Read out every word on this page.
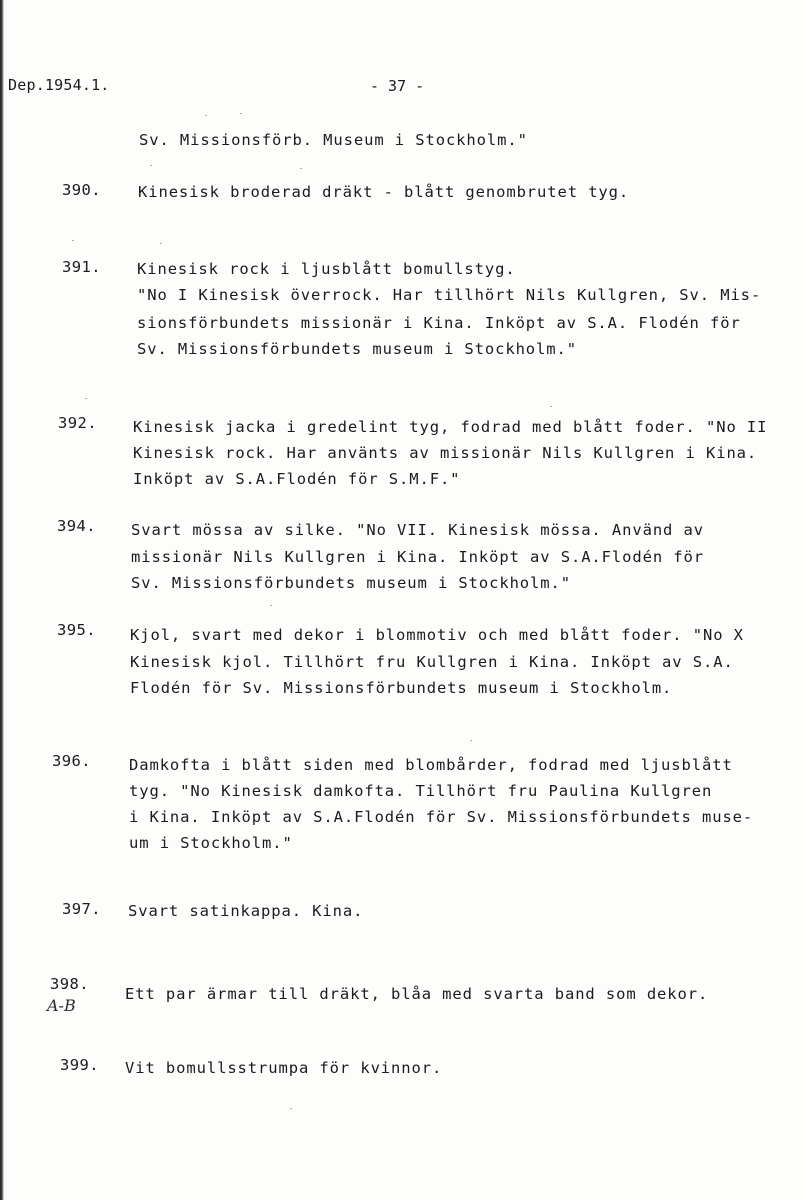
Dep.1954.1.	- 37 -
Sv. Missionsförb. Museum i Stockholm."
390. Kinesisk broderad dräkt - blått genombrutet tyg.
391. Kinesisk rock i ljusblått bomullstyg.
"No I Kinesisk överrock. Har tillhört Nils Kullgren, Sv. Mis-
sionsförbundets missionär i Kina. Inköpt av S.A. Flodén för
Sv. Missionsförbundets museum i Stockholm."
392. Kinesisk jacka i gredelint tyg, fodrad med blått foder. "No II
Kinesisk rock. Har använts av missionär Nils Kullgren i Kina.
Inköpt av S.A.Flodén för S.M.F."
394. Svart mössa av silke. "No VII. Kinesisk mössa. Använd av
missionär Nils Kullgren i Kina. Inköpt av S.A.Flodén för
Sv. Missionsförbundets museum i Stockholm."
395. Kjol, svart med dekor i blommotiv och med blått foder. "No X
Kinesisk kjol. Tillhört fru Kullgren i Kina. Inköpt av S.A.
Flodén för Sv. Missionsförbundets museum i Stockholm.
396. Damkofta i blått siden med blombårder, fodrad med ljusblått
tyg. "No Kinesisk damkofta. Tillhört fru Paulina Kullgren
i Kina. Inköpt av S.A.Flodén för Sv. Missionsförbundets muse-
um i Stockholm."
397. Svart satinkappa. Kina.
398.
A-B
Ett par ärmar till dräkt, blåa med svarta band som dekor.
399. Vit bomullsstrumpa för kvinnor.
